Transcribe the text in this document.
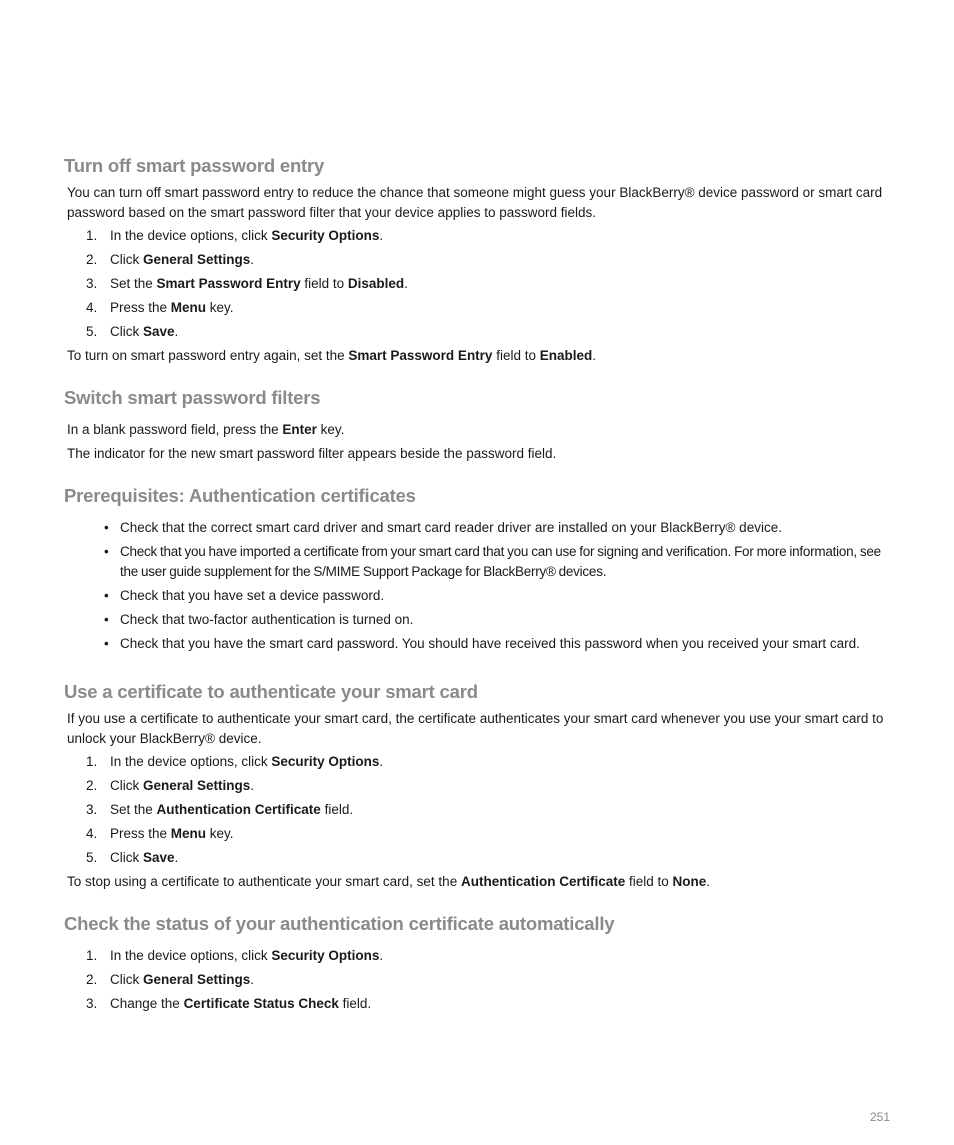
Turn off smart password entry

You can turn off smart password entry to reduce the chance that someone might guess your BlackBerry® device password or smart card password based on the smart password filter that your device applies to password fields.

1. In the device options, click Security Options.

2. Click General Settings.

3. Set the Smart Password Entry field to Disabled.

4. Press the Menu key.

5. Click Save.

To turn on smart password entry again, set the Smart Password Entry field to Enabled.

Switch smart password filters

In a blank password field, press the Enter key.

The indicator for the new smart password filter appears beside the password field.

Prerequisites: Authentication certificates
• Check that the correct smart card driver and smart card reader driver are installed on your BlackBerry® device.

• Check that you have imported a certificate from your smart card that you can use for signing and verification. For more information, see the user guide supplement for the S/MIME Support Package for BlackBerry® devices.

• Check that you have set a device password.

• Check that two-factor authentication is turned on.

• Check that you have the smart card password. You should have received this password when you received your smart card.

Use a certificate to authenticate your smart card

If you use a certificate to authenticate your smart card, the certificate authenticates your smart card whenever you use your smart card to unlock your BlackBerry® device.

1. In the device options, click Security Options.

2. Click General Settings.

3. Set the Authentication Certificate field.

4. Press the Menu key.

5. Click Save.

To stop using a certificate to authenticate your smart card, set the Authentication Certificate field to None.

Check the status of your authentication certificate automatically
1. In the device options, click Security Options.

2. Click General Settings.

3. Change the Certificate Status Check field.

251
